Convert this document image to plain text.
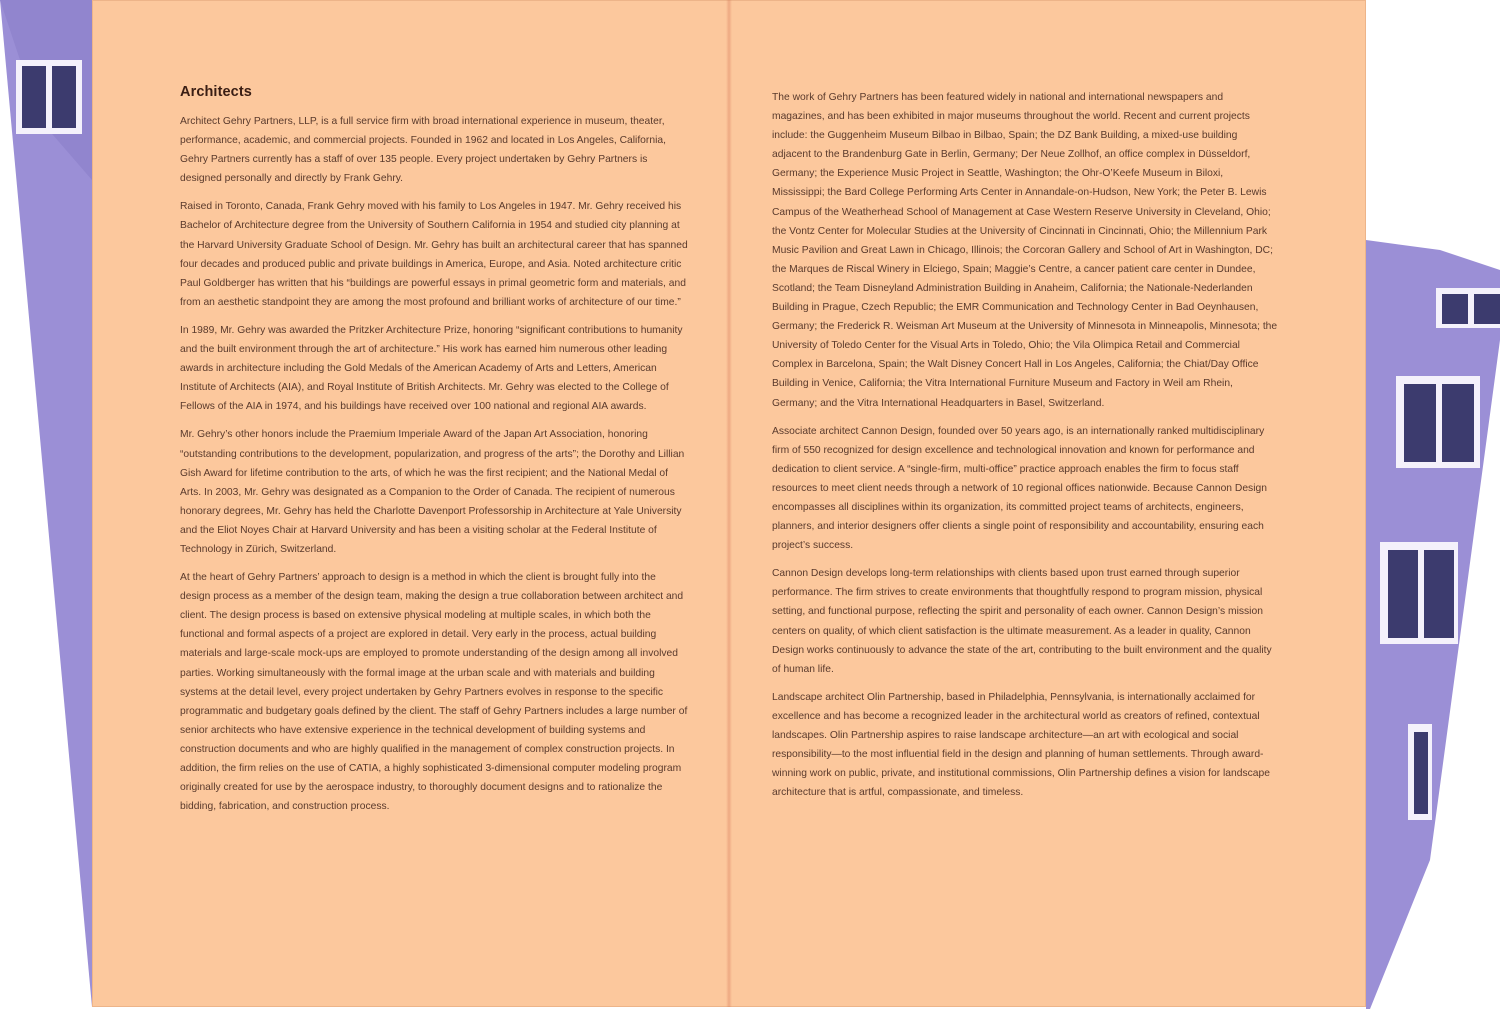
Architects

Architect Gehry Partners, LLP, is a full service firm with broad international experience in museum, theater, performance, academic, and commercial projects. Founded in 1962 and located in Los Angeles, California, Gehry Partners currently has a staff of over 135 people. Every project undertaken by Gehry Partners is designed personally and directly by Frank Gehry.

Raised in Toronto, Canada, Frank Gehry moved with his family to Los Angeles in 1947. Mr. Gehry received his Bachelor of Architecture degree from the University of Southern California in 1954 and studied city planning at the Harvard University Graduate School of Design. Mr. Gehry has built an architectural career that has spanned four decades and produced public and private buildings in America, Europe, and Asia. Noted architecture critic Paul Goldberger has written that his “buildings are powerful essays in primal geometric form and materials, and from an aesthetic standpoint they are among the most profound and brilliant works of architecture of our time.”

In 1989, Mr. Gehry was awarded the Pritzker Architecture Prize, honoring “significant contributions to humanity and the built environment through the art of architecture.” His work has earned him numerous other leading awards in architecture including the Gold Medals of the American Academy of Arts and Letters, American Institute of Architects (AIA), and Royal Institute of British Architects. Mr. Gehry was elected to the College of Fellows of the AIA in 1974, and his buildings have received over 100 national and regional AIA awards.

Mr. Gehry’s other honors include the Praemium Imperiale Award of the Japan Art Association, honoring “outstanding contributions to the development, popularization, and progress of the arts”; the Dorothy and Lillian Gish Award for lifetime contribution to the arts, of which he was the first recipient; and the National Medal of Arts. In 2003, Mr. Gehry was designated as a Companion to the Order of Canada. The recipient of numerous honorary degrees, Mr. Gehry has held the Charlotte Davenport Professorship in Architecture at Yale University and the Eliot Noyes Chair at Harvard University and has been a visiting scholar at the Federal Institute of Technology in Zürich, Switzerland.

At the heart of Gehry Partners’ approach to design is a method in which the client is brought fully into the design process as a member of the design team, making the design a true collaboration between architect and client. The design process is based on extensive physical modeling at multiple scales, in which both the functional and formal aspects of a project are explored in detail. Very early in the process, actual building materials and large-scale mock-ups are employed to promote understanding of the design among all involved parties. Working simultaneously with the formal image at the urban scale and with materials and building systems at the detail level, every project undertaken by Gehry Partners evolves in response to the specific programmatic and budgetary goals defined by the client. The staff of Gehry Partners includes a large number of senior architects who have extensive experience in the technical development of building systems and construction documents and who are highly qualified in the management of complex construction projects. In addition, the firm relies on the use of CATIA, a highly sophisticated 3-dimensional computer modeling program originally created for use by the aerospace industry, to thoroughly document designs and to rationalize the bidding, fabrication, and construction process.

The work of Gehry Partners has been featured widely in national and international newspapers and magazines, and has been exhibited in major museums throughout the world. Recent and current projects include: the Guggenheim Museum Bilbao in Bilbao, Spain; the DZ Bank Building, a mixed-use building adjacent to the Brandenburg Gate in Berlin, Germany; Der Neue Zollhof, an office complex in Düsseldorf, Germany; the Experience Music Project in Seattle, Washington; the Ohr-O’Keefe Museum in Biloxi, Mississippi; the Bard College Performing Arts Center in Annandale-on-Hudson, New York; the Peter B. Lewis Campus of the Weatherhead School of Management at Case Western Reserve University in Cleveland, Ohio; the Vontz Center for Molecular Studies at the University of Cincinnati in Cincinnati, Ohio; the Millennium Park Music Pavilion and Great Lawn in Chicago, Illinois; the Corcoran Gallery and School of Art in Washington, DC; the Marques de Riscal Winery in Elciego, Spain; Maggie’s Centre, a cancer patient care center in Dundee, Scotland; the Team Disneyland Administration Building in Anaheim, California; the Nationale-Nederlanden Building in Prague, Czech Republic; the EMR Communication and Technology Center in Bad Oeynhausen, Germany; the Frederick R. Weisman Art Museum at the University of Minnesota in Minneapolis, Minnesota; the University of Toledo Center for the Visual Arts in Toledo, Ohio; the Vila Olimpica Retail and Commercial Complex in Barcelona, Spain; the Walt Disney Concert Hall in Los Angeles, California; the Chiat/Day Office Building in Venice, California; the Vitra International Furniture Museum and Factory in Weil am Rhein, Germany; and the Vitra International Headquarters in Basel, Switzerland.

Associate architect Cannon Design, founded over 50 years ago, is an internationally ranked multidisciplinary firm of 550 recognized for design excellence and technological innovation and known for performance and dedication to client service. A “single-firm, multi-office” practice approach enables the firm to focus staff resources to meet client needs through a network of 10 regional offices nationwide. Because Cannon Design encompasses all disciplines within its organization, its committed project teams of architects, engineers, planners, and interior designers offer clients a single point of responsibility and accountability, ensuring each project’s success.

Cannon Design develops long-term relationships with clients based upon trust earned through superior performance. The firm strives to create environments that thoughtfully respond to program mission, physical setting, and functional purpose, reflecting the spirit and personality of each owner. Cannon Design’s mission centers on quality, of which client satisfaction is the ultimate measurement. As a leader in quality, Cannon Design works continuously to advance the state of the art, contributing to the built environment and the quality of human life.

Landscape architect Olin Partnership, based in Philadelphia, Pennsylvania, is internationally acclaimed for excellence and has become a recognized leader in the architectural world as creators of refined, contextual landscapes. Olin Partnership aspires to raise landscape architecture—an art with ecological and social responsibility—to the most influential field in the design and planning of human settlements. Through award-winning work on public, private, and institutional commissions, Olin Partnership defines a vision for landscape architecture that is artful, compassionate, and timeless.
